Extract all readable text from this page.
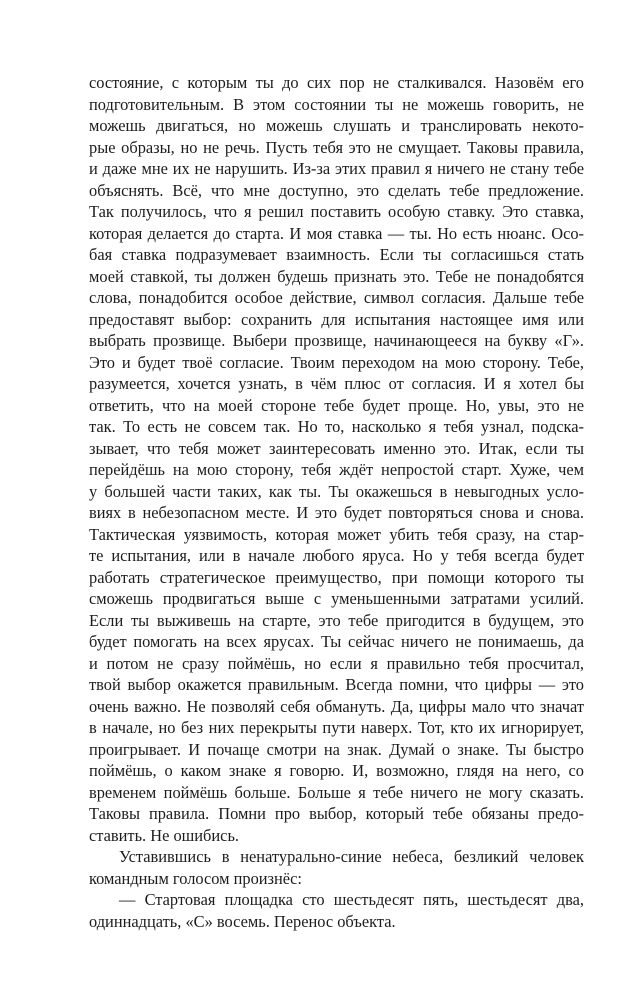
состояние, с которым ты до сих пор не сталкивался. Назовём его
подготовительным. В этом состоянии ты не можешь говорить, не
можешь двигаться, но можешь слушать и транслировать некото-
рые образы, но не речь. Пусть тебя это не смущает. Таковы правила,
и даже мне их не нарушить. Из-за этих правил я ничего не стану тебе
объяснять. Всё, что мне доступно, это сделать тебе предложение.
Так получилось, что я решил поставить особую ставку. Это ставка,
которая делается до старта. И моя ставка — ты. Но есть нюанс. Осо-
бая ставка подразумевает взаимность. Если ты согласишься стать
моей ставкой, ты должен будешь признать это. Тебе не понадобятся
слова, понадобится особое действие, символ согласия. Дальше тебе
предоставят выбор: сохранить для испытания настоящее имя или
выбрать прозвище. Выбери прозвище, начинающееся на букву «Г».
Это и будет твоё согласие. Твоим переходом на мою сторону. Тебе,
разумеется, хочется узнать, в чём плюс от согласия. И я хотел бы
ответить, что на моей стороне тебе будет проще. Но, увы, это не
так. То есть не совсем так. Но то, насколько я тебя узнал, подска-
зывает, что тебя может заинтересовать именно это. Итак, если ты
перейдёшь на мою сторону, тебя ждёт непростой старт. Хуже, чем
у большей части таких, как ты. Ты окажешься в невыгодных усло-
виях в небезопасном месте. И это будет повторяться снова и снова.
Тактическая уязвимость, которая может убить тебя сразу, на стар-
те испытания, или в начале любого яруса. Но у тебя всегда будет
работать стратегическое преимущество, при помощи которого ты
сможешь продвигаться выше с уменьшенными затратами усилий.
Если ты выживешь на старте, это тебе пригодится в будущем, это
будет помогать на всех ярусах. Ты сейчас ничего не понимаешь, да
и потом не сразу поймёшь, но если я правильно тебя просчитал,
твой выбор окажется правильным. Всегда помни, что цифры — это
очень важно. Не позволяй себя обмануть. Да, цифры мало что значат
в начале, но без них перекрыты пути наверх. Тот, кто их игнорирует,
проигрывает. И почаще смотри на знак. Думай о знаке. Ты быстро
поймёшь, о каком знаке я говорю. И, возможно, глядя на него, со
временем поймёшь больше. Больше я тебе ничего не могу сказать.
Таковы правила. Помни про выбор, который тебе обязаны предо-
ставить. Не ошибись.
Уставившись в ненатурально-синие небеса, безликий человек
командным голосом произнёс:
— Стартовая площадка сто шестьдесят пять, шестьдесят два,
одиннадцать, «С» восемь. Перенос объекта.
